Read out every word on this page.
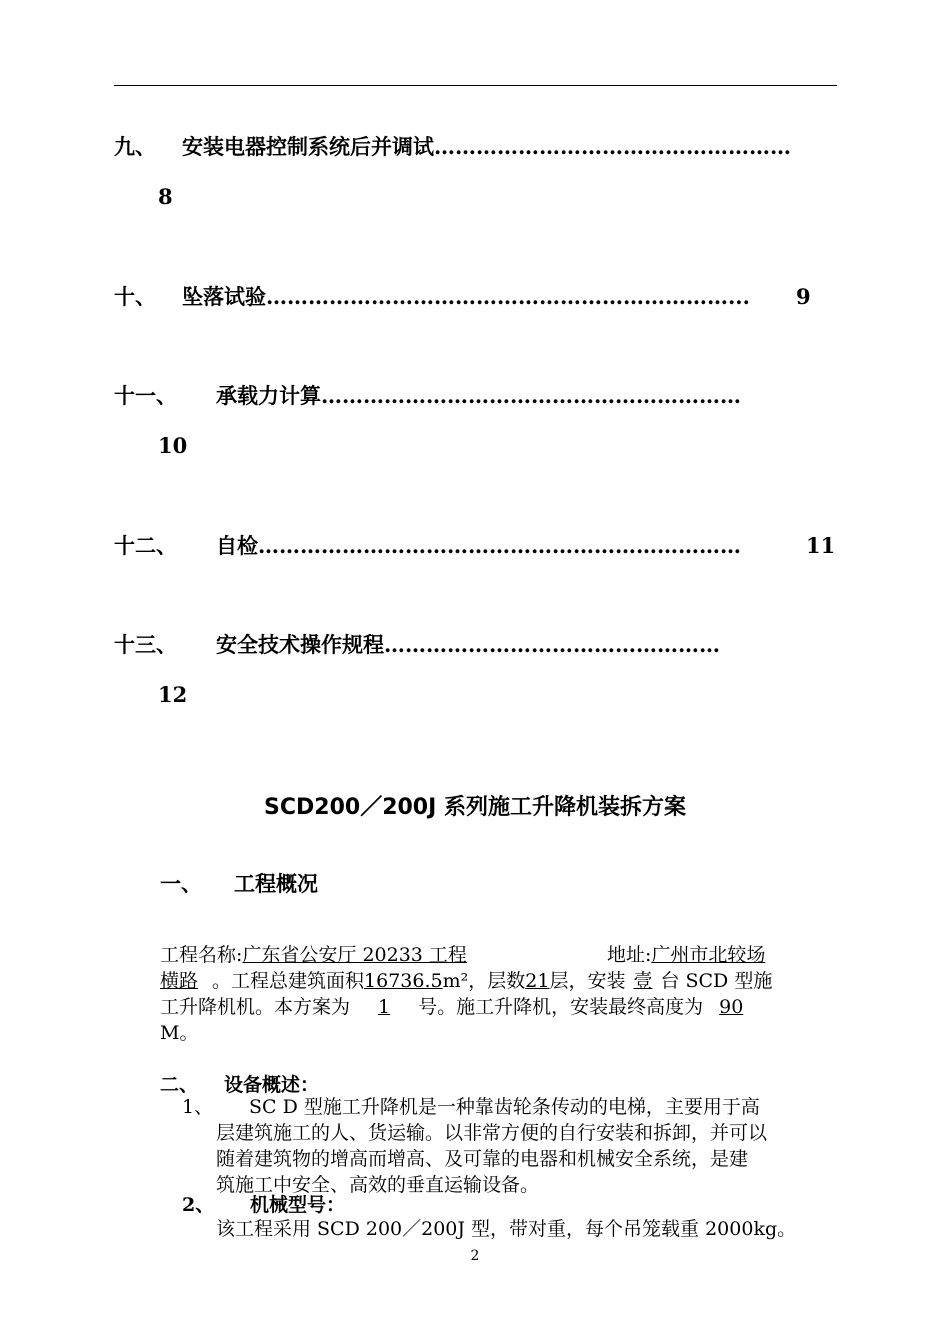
九、 安装电器控制系统后并调试……………………………………………
8
十、 坠落试验…………………………………………………………... 9
十一、 承载力计算……………………………………………………
10
十二、 自检……………………………………………………………	11
十三、 安全技术操作规程…………………………………………
12
SCD200／200J 系列施工升降机装拆方案
一、 工程概况
工程名称:广东省公安厅 20233 工程	地址:广州市北较场
横路 。工程总建筑面积16736.5m²，层数21层，安装 壹 台 SCD 型施
工升降机机。本方案为 1 号。施工升降机，安装最终高度为 90
M。
二、 设备概述：
1、	SC D 型施工升降机是一种靠齿轮条传动的电梯，主要用于高
层建筑施工的人、货运输。以非常方便的自行安装和拆卸，并可以
随着建筑物的增高而增高、及可靠的电器和机械安全系统，是建
筑施工中安全、高效的垂直运输设备。
2、 机械型号：
该工程采用 SCD 200／200J 型，带对重，每个吊笼载重 2000kg。
2
